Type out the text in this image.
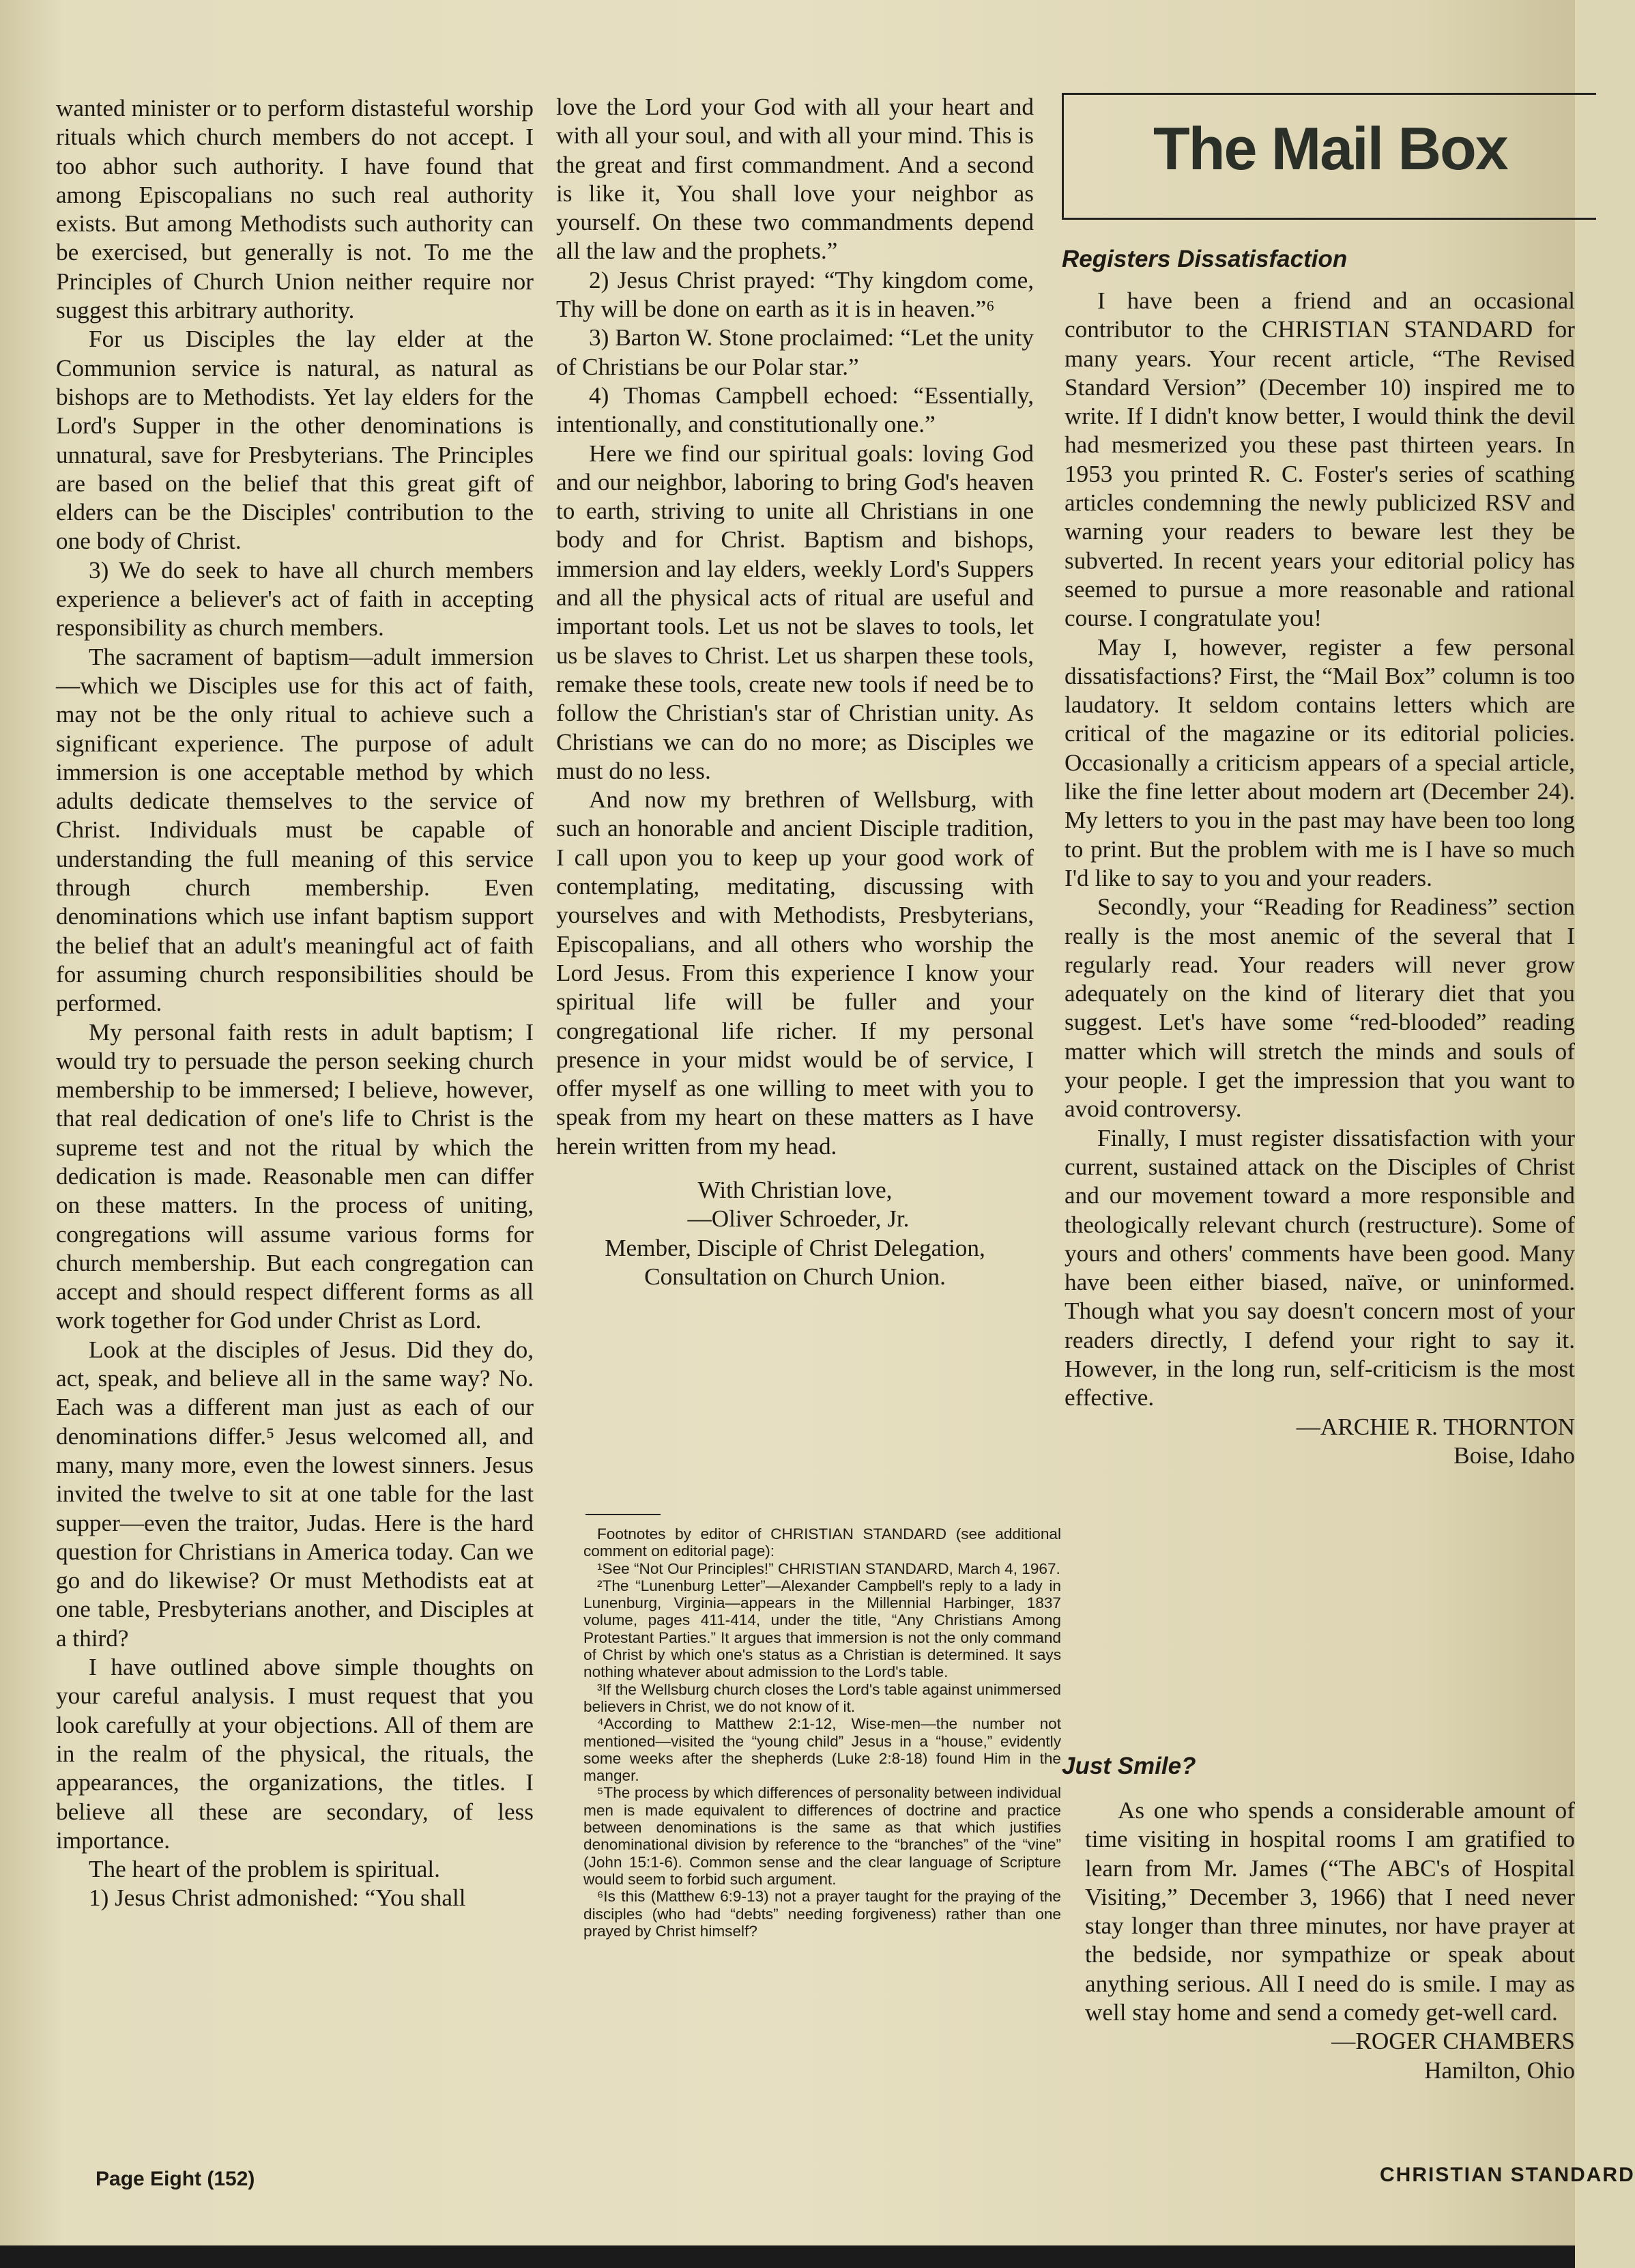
wanted minister or to perform distasteful worship rituals which church members do not accept. I too abhor such authority. I have found that among Episcopalians no such real authority exists. But among Methodists such authority can be exercised, but generally is not. To me the Principles of Church Union neither require nor suggest this arbitrary authority.

For us Disciples the lay elder at the Communion service is natural, as natural as bishops are to Methodists. Yet lay elders for the Lord's Supper in the other denominations is unnatural, save for Presbyterians. The Principles are based on the belief that this great gift of elders can be the Disciples' contribution to the one body of Christ.

3) We do seek to have all church members experience a believer's act of faith in accepting responsibility as church members.

The sacrament of baptism—adult immersion—which we Disciples use for this act of faith, may not be the only ritual to achieve such a significant experience. The purpose of adult immersion is one acceptable method by which adults dedicate themselves to the service of Christ. Individuals must be capable of understanding the full meaning of this service through church membership. Even denominations which use infant baptism support the belief that an adult's meaningful act of faith for assuming church responsibilities should be performed.

My personal faith rests in adult baptism; I would try to persuade the person seeking church membership to be immersed; I believe, however, that real dedication of one's life to Christ is the supreme test and not the ritual by which the dedication is made. Reasonable men can differ on these matters. In the process of uniting, congregations will assume various forms for church membership. But each congregation can accept and should respect different forms as all work together for God under Christ as Lord.

Look at the disciples of Jesus. Did they do, act, speak, and believe all in the same way? No. Each was a different man just as each of our denominations differ.⁵ Jesus welcomed all, and many, many more, even the lowest sinners. Jesus invited the twelve to sit at one table for the last supper—even the traitor, Judas. Here is the hard question for Christians in America today. Can we go and do likewise? Or must Methodists eat at one table, Presbyterians another, and Disciples at a third?

I have outlined above simple thoughts on your careful analysis. I must request that you look carefully at your objections. All of them are in the realm of the physical, the rituals, the appearances, the organizations, the titles. I believe all these are secondary, of less importance.

The heart of the problem is spiritual.

1) Jesus Christ admonished: “You shall

love the Lord your God with all your heart and with all your soul, and with all your mind. This is the great and first commandment. And a second is like it, You shall love your neighbor as yourself. On these two commandments depend all the law and the prophets.”

2) Jesus Christ prayed: “Thy kingdom come, Thy will be done on earth as it is in heaven.”⁶

3) Barton W. Stone proclaimed: “Let the unity of Christians be our Polar star.”

4) Thomas Campbell echoed: “Essentially, intentionally, and constitutionally one.”

Here we find our spiritual goals: loving God and our neighbor, laboring to bring God's heaven to earth, striving to unite all Christians in one body and for Christ. Baptism and bishops, immersion and lay elders, weekly Lord's Suppers and all the physical acts of ritual are useful and important tools. Let us not be slaves to tools, let us be slaves to Christ. Let us sharpen these tools, remake these tools, create new tools if need be to follow the Christian's star of Christian unity. As Christians we can do no more; as Disciples we must do no less.

And now my brethren of Wellsburg, with such an honorable and ancient Disciple tradition, I call upon you to keep up your good work of contemplating, meditating, discussing with yourselves and with Methodists, Presbyterians, Episcopalians, and all others who worship the Lord Jesus. From this experience I know your spiritual life will be fuller and your congregational life richer. If my personal presence in your midst would be of service, I offer myself as one willing to meet with you to speak from my heart on these matters as I have herein written from my head.

With Christian love,
—Oliver Schroeder, Jr.
Member, Disciple of Christ Delegation, Consultation on Church Union.

Footnotes by editor of CHRISTIAN STANDARD (see additional comment on editorial page):

¹See “Not Our Principles!” CHRISTIAN STANDARD, March 4, 1967.

²The “Lunenburg Letter”—Alexander Campbell's reply to a lady in Lunenburg, Virginia—appears in the Millennial Harbinger, 1837 volume, pages 411-414, under the title, “Any Christians Among Protestant Parties.” It argues that immersion is not the only command of Christ by which one's status as a Christian is determined. It says nothing whatever about admission to the Lord's table.

³If the Wellsburg church closes the Lord's table against unimmersed believers in Christ, we do not know of it.

⁴According to Matthew 2:1-12, Wise-men—the number not mentioned—visited the “young child” Jesus in a “house,” evidently some weeks after the shepherds (Luke 2:8-18) found Him in the manger.

⁵The process by which differences of personality between individual men is made equivalent to differences of doctrine and practice between denominations is the same as that which justifies denominational division by reference to the “branches” of the “vine” (John 15:1-6). Common sense and the clear language of Scripture would seem to forbid such argument.

⁶Is this (Matthew 6:9-13) not a prayer taught for the praying of the disciples (who had “debts” needing forgiveness) rather than one prayed by Christ himself?

The Mail Box
Registers Dissatisfaction

I have been a friend and an occasional contributor to the CHRISTIAN STANDARD for many years. Your recent article, “The Revised Standard Version” (December 10) inspired me to write. If I didn't know better, I would think the devil had mesmerized you these past thirteen years. In 1953 you printed R. C. Foster's series of scathing articles condemning the newly publicized RSV and warning your readers to beware lest they be subverted. In recent years your editorial policy has seemed to pursue a more reasonable and rational course. I congratulate you!

May I, however, register a few personal dissatisfactions? First, the “Mail Box” column is too laudatory. It seldom contains letters which are critical of the magazine or its editorial policies. Occasionally a criticism appears of a special article, like the fine letter about modern art (December 24). My letters to you in the past may have been too long to print. But the problem with me is I have so much I'd like to say to you and your readers.

Secondly, your “Reading for Readiness” section really is the most anemic of the several that I regularly read. Your readers will never grow adequately on the kind of literary diet that you suggest. Let's have some “red-blooded” reading matter which will stretch the minds and souls of your people. I get the impression that you want to avoid controversy.

Finally, I must register dissatisfaction with your current, sustained attack on the Disciples of Christ and our movement toward a more responsible and theologically relevant church (restructure). Some of yours and others' comments have been good. Many have been either biased, naïve, or uninformed. Though what you say doesn't concern most of your readers directly, I defend your right to say it. However, in the long run, self-criticism is the most effective.

—ARCHIE R. THORNTON
Boise, Idaho
Just Smile?

As one who spends a considerable amount of time visiting in hospital rooms I am gratified to learn from Mr. James (“The ABC's of Hospital Visiting,” December 3, 1966) that I need never stay longer than three minutes, nor have prayer at the bedside, nor sympathize or speak about anything serious. All I need do is smile. I may as well stay home and send a comedy get-well card.

—ROGER CHAMBERS
Hamilton, Ohio
Page Eight (152)	CHRISTIAN STANDARD
